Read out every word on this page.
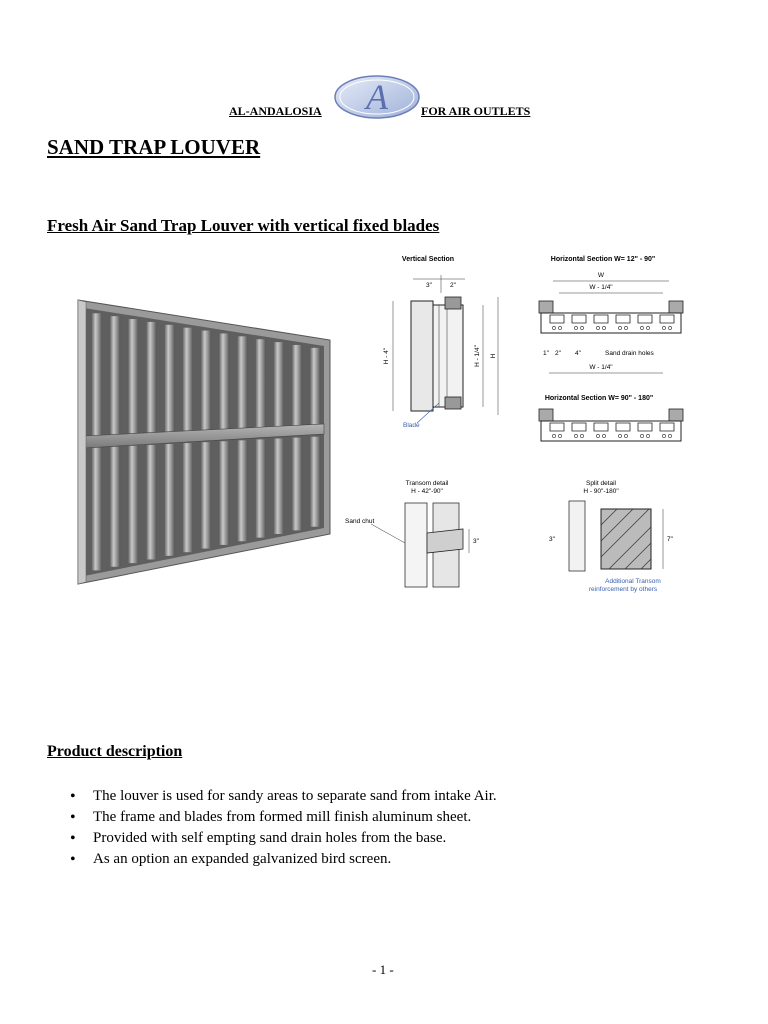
AL-ANDALOSIA A	FOR AIR OUTLETS
SAND TRAP LOUVER
Fresh Air Sand Trap Louver with vertical fixed blades
Vertical Section
3"	2"
H - 4"	H - 1/4" H
Blade
Horizontal Section W= 12" - 90"
W
W - 1/4"
1" 2" 4"	Sand drain holes
W - 1/4"
Horizontal Section W= 90" - 180"
Transom detail
H - 42"-90"
Sand chut
3"
Split detail
H - 90"-180"
3"	7"
Additional Transom
reinforcement by others
Product description
• The louver is used for sandy areas to separate sand from intake Air.
• The frame and blades from formed mill finish aluminum sheet.
• Provided with self empting sand drain holes from the base.
• As an option an expanded galvanized bird screen.
- 1 -
